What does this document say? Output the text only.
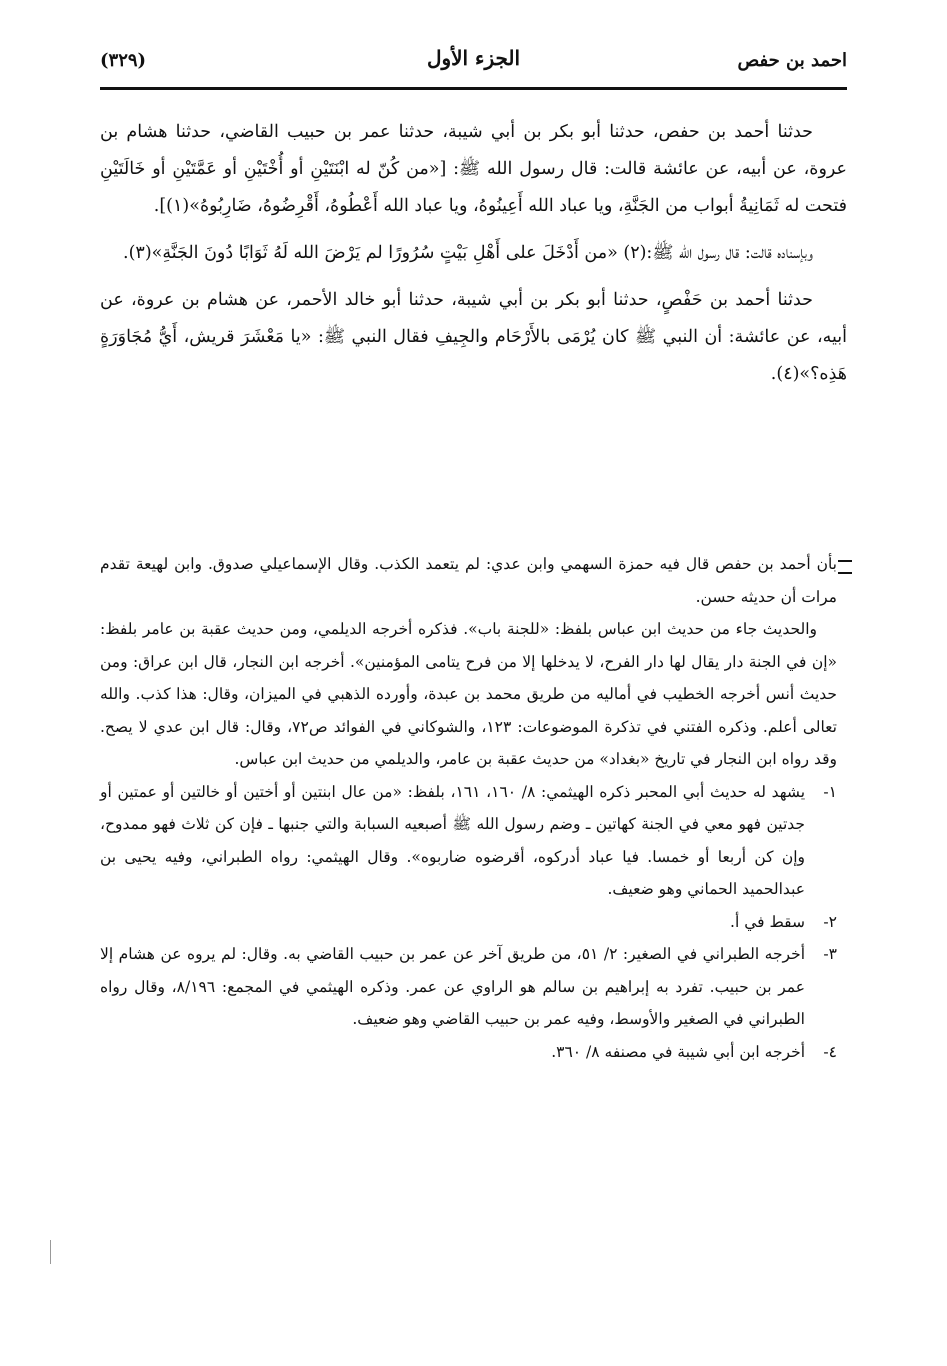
احمد بن حفص
الجزء الأول
(٣٢٩)

حدثنا أحمد بن حفص، حدثنا أبو بكر بن أبي شيبة، حدثنا عمر بن حبيب القاضي، حدثنا هشام بن عروة، عن أبيه، عن عائشة قالت: قال رسول الله ﷺ: [«من كُنّ له ابْنَتَيْنِ أو أُخْتَيْنِ أو عَمَّتَيْنِ أو خَالَتَيْنِ فتحت له ثَمَانِيةُ أبواب من الجَنَّةِ، ويا عباد الله أَعِينُوهُ، ويا عباد الله أَعْطُوهُ، أَقْرِضُوهُ، ضَارِبُوهُ»(١)].

وبإسناده قالت: قال رسول الله ﷺ:(٢) «من أَدْخَلَ على أَهْلِ بَيْتٍ سُرُورًا لم يَرْضَ الله لَهُ ثَوَابًا دُونَ الجَنَّةِ»(٣).

حدثنا أحمد بن حَفْصٍ، حدثنا أبو بكر بن أبي شيبة، حدثنا أبو خالد الأحمر، عن هشام بن عروة، عن أبيه، عن عائشة: أن النبي ﷺ كان يُرْمَى بالأَرْحَام والجِيفِ فقال النبي ﷺ: «يا مَعْشَرَ قريش، أَيُّ مُجَاوَرَةٍ هَذِه؟»(٤).

بأن أحمد بن حفص قال فيه حمزة السهمي وابن عدي: لم يتعمد الكذب. وقال الإسماعيلي صدوق. وابن لهيعة تقدم مرات أن حديثه حسن.

والحديث جاء من حديث ابن عباس بلفظ: «للجنة باب». فذكره أخرجه الديلمي، ومن حديث عقبة بن عامر بلفظ: «إن في الجنة دار يقال لها دار الفرح، لا يدخلها إلا من فرح يتامى المؤمنين». أخرجه ابن النجار، قال ابن عراق: ومن حديث أنس أخرجه الخطيب في أماليه من طريق محمد بن عبدة، وأورده الذهبي في الميزان، وقال: هذا كذب. والله تعالى أعلم. وذكره الفتني في تذكرة الموضوعات: ١٢٣، والشوكاني في الفوائد ص٧٢، وقال: قال ابن عدي لا يصح. وقد رواه ابن النجار في تاريخ «بغداد» من حديث عقبة بن عامر، والديلمي من حديث ابن عباس.

١-
يشهد له حديث أبي المحبر ذكره الهيثمي: ٨/ ١٦٠، ١٦١، بلفظ: «من عال ابنتين أو أختين أو خالتين أو عمتين أو جدتين فهو معي في الجنة كهاتين ـ وضم رسول الله ﷺ أصبعيه السبابة والتي جنبها ـ فإن كن ثلاث فهو ممدوح، وإن كن أربعا أو خمسا. فيا عباد أدركوه، أقرضوه ضاربوه». وقال الهيثمي: رواه الطبراني، وفيه يحيى بن عبدالحميد الحماني وهو ضعيف.
٢-
سقط في أ.
٣-
أخرجه الطبراني في الصغير: ٢/ ٥١، من طريق آخر عن عمر بن حبيب القاضي به. وقال: لم يروه عن هشام إلا عمر بن حبيب. تفرد به إبراهيم بن سالم هو الراوي عن عمر. وذكره الهيثمي في المجمع: ٨/١٩٦، وقال رواه الطبراني في الصغير والأوسط، وفيه عمر بن حبيب القاضي وهو ضعيف.
٤-
أخرجه ابن أبي شيبة في مصنفه ٨/ ٣٦٠.
